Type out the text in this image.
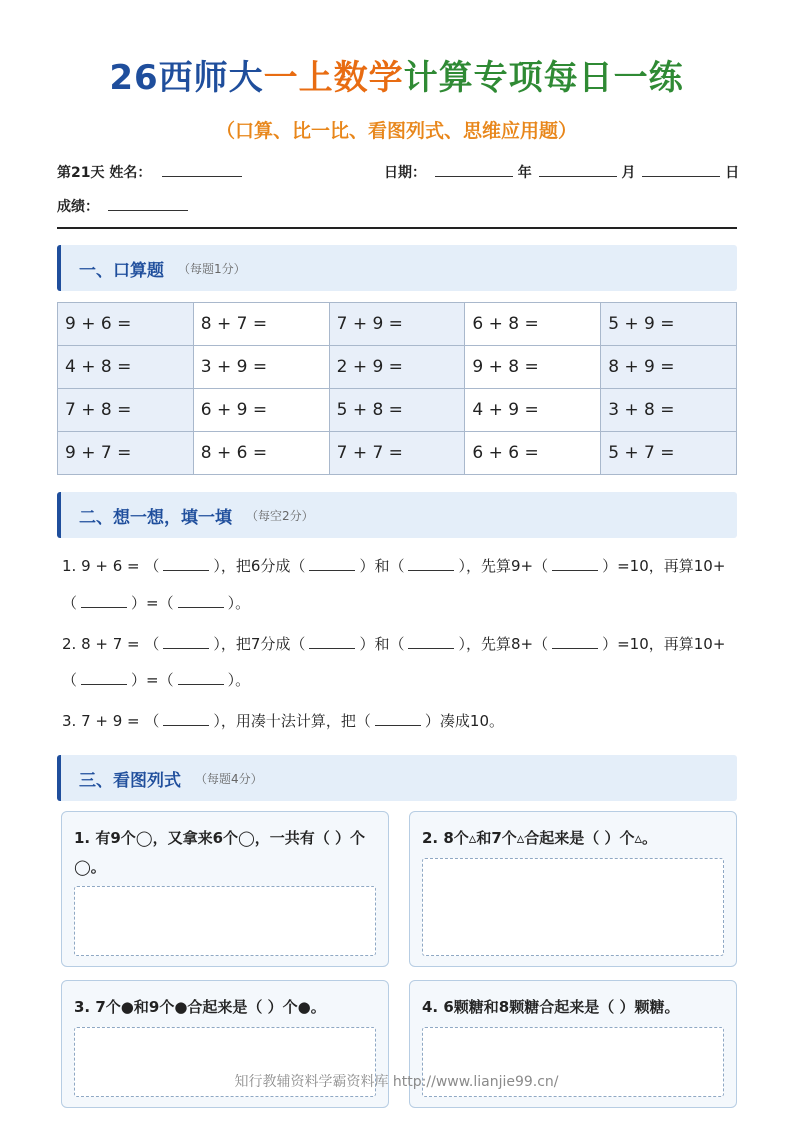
26西师大一上数学计算专项每日一练
（口算、比一比、看图列式、思维应用题）
第21天 姓名：	日期：	年	月	日
成绩：
一、口算题 （每题1分）
9 + 6 =	8 + 7 =	7 + 9 =	6 + 8 =	5 + 9 =
4 + 8 =	3 + 9 =	2 + 9 =	9 + 8 =	8 + 9 =
7 + 8 =	6 + 9 =	5 + 8 =	4 + 9 =	3 + 8 =
9 + 7 =	8 + 6 =	7 + 7 =	6 + 6 =	5 + 7 =
二、想一想，填一填 （每空2分）
1. 9 + 6 = （	），把6分成（	）和（	），先算9+（	）=10，再算10+
（	）=（	）。
2. 8 + 7 = （	），把7分成（	）和（	），先算8+（	）=10，再算10+
（	）=（	）。
3. 7 + 9 = （	），用凑十法计算，把（	）凑成10。
三、看图列式 （每题4分）
1. 有9个◯，又拿来6个◯，一共有（ ）个◯。
2. 8个▵和7个▵合起来是（ ）个▵。
3. 7个●和9个●合起来是（ ）个●。	4. 6颗糖和8颗糖合起来是（ ）颗糖。
知行教辅资料学霸资料库 http://www.lianjie99.cn/
